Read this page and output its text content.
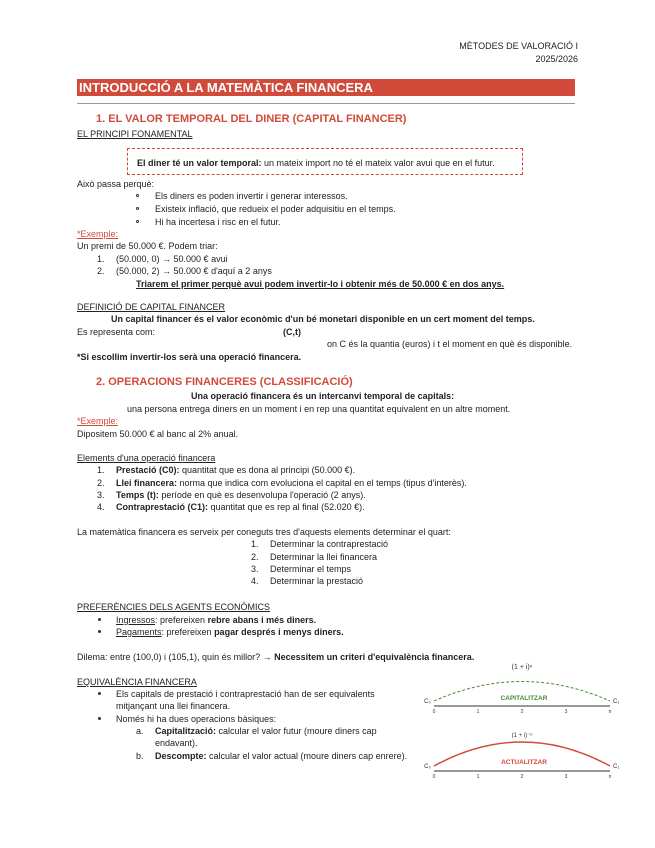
MÈTODES DE VALORACIÓ I
2025/2026
INTRODUCCIÓ A LA MATEMÀTICA FINANCERA
1. EL VALOR TEMPORAL DEL DINER (CAPITAL FINANCER)
EL PRINCIPI FONAMENTAL
El diner té un valor temporal: un mateix import no té el mateix valor avui que en el futur.
Això passa perquè:
Els diners es poden invertir i generar interessos.
Existeix inflació, que redueix el poder adquisitiu en el temps.
Hi ha incertesa i risc en el futur.
*Exemple:
Un premi de 50.000 €. Podem triar:
1. (50.000, 0) → 50.000 € avui
2. (50.000, 2) → 50.000 € d'aquí a 2 anys
Triarem el primer perquè avui podem invertir-lo i obtenir més de 50.000 € en dos anys.
DEFINICIÓ DE CAPITAL FINANCER
Un capital financer és el valor econòmic d'un bé monetari disponible en un cert moment del temps.
Es representa com:	(C,t)
on C és la quantia (euros) i t el moment en què és disponible.
*Si escollim invertir-los serà una operació financera.
2. OPERACIONS FINANCERES (CLASSIFICACIÓ)
Una operació financera és un intercanvi temporal de capitals:
una persona entrega diners en un moment i en rep una quantitat equivalent en un altre moment.
*Exemple:
Dipositem 50.000 € al banc al 2% anual.
Elements d'una operació financera
1. Prestació (C0): quantitat que es dona al principi (50.000 €).
2. Llei financera: norma que indica com evoluciona el capital en el temps (tipus d'interès).
3. Temps (t): període en què es desenvolupa l'operació (2 anys).
4. Contraprestació (C1): quantitat que es rep al final (52.020 €).
La matemàtica financera es serveix per coneguts tres d'aquests elements determinar el quart:
1. Determinar la contraprestació
2. Determinar la llei financera
3. Determinar el temps
4. Determinar la prestació
PREFERÈNCIES DELS AGENTS ECONÒMICS
Ingressos: prefereixen rebre abans i més diners.
Pagaments: prefereixen pagar després i menys diners.
Dilema: entre (100,0) i (105,1), quin és millor? → Necessitem un criteri d'equivalència financera.
EQUIVALÈNCIA FINANCERA
Els capitals de prestació i contraprestació han de ser equivalents
mitjançant una llei financera.
Només hi ha dues operacions bàsiques:
a. Capitalització: calcular el valor futur (moure diners cap
endavant).
b. Descompte: calcular el valor actual (moure diners cap enrere).
(1 + i)ⁿ
CAPITALITZAR
C₀	C₁
0	1	2	3	n
(1 + i)⁻ⁿ
ACTUALITZAR
C₀	C₁
0	1	2	3	n
